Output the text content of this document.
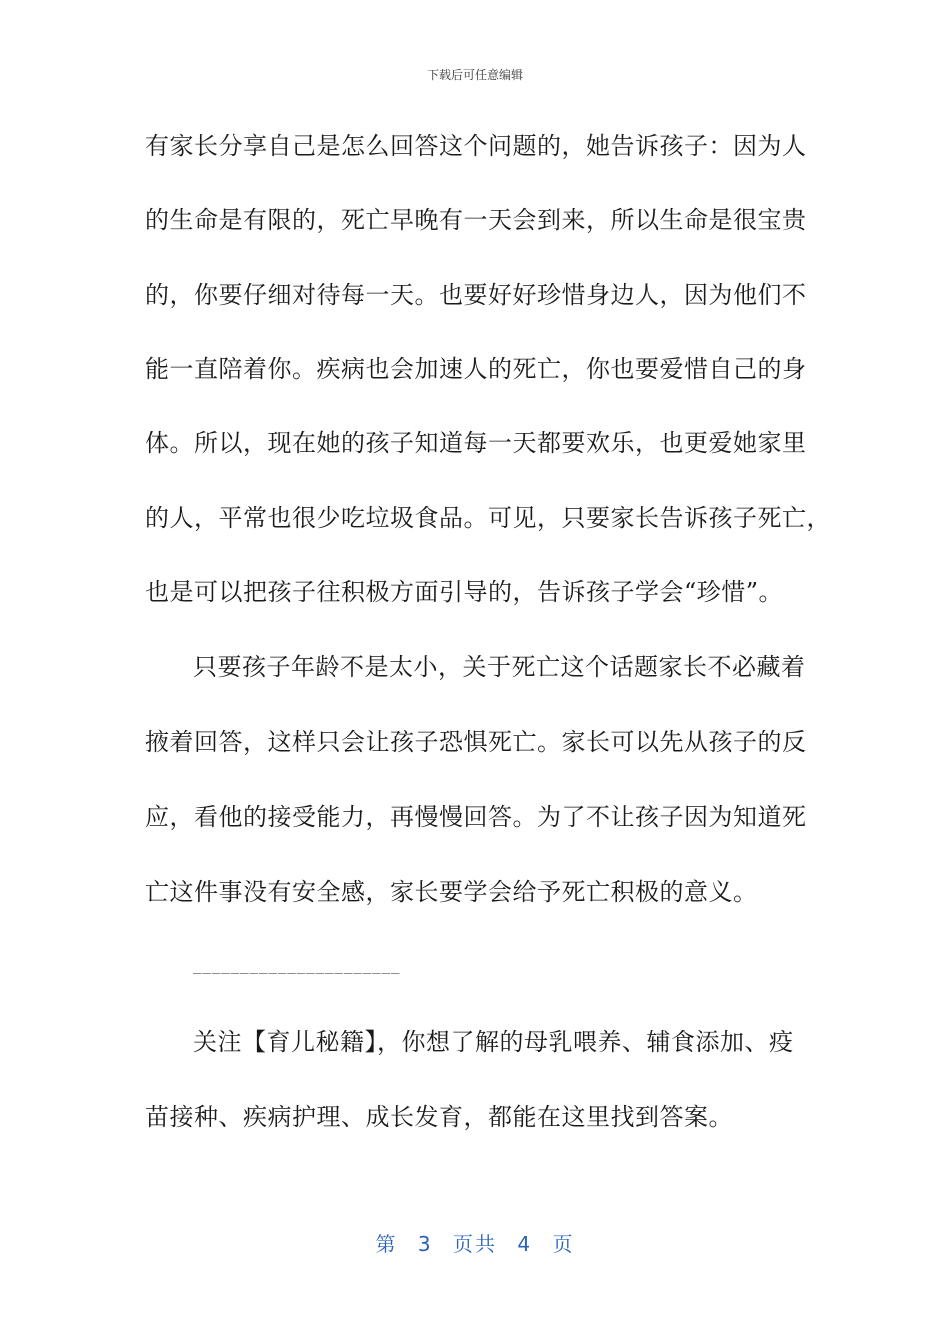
下载后可任意编辑
有家长分享自己是怎么回答这个问题的，她告诉孩子：因为人
的生命是有限的，死亡早晚有一天会到来，所以生命是很宝贵
的，你要仔细对待每一天。也要好好珍惜身边人，因为他们不
能一直陪着你。疾病也会加速人的死亡，你也要爱惜自己的身
体。所以，现在她的孩子知道每一天都要欢乐，也更爱她家里
的人，平常也很少吃垃圾食品。可见，只要家长告诉孩子死亡，
也是可以把孩子往积极方面引导的，告诉孩子学会“珍惜”。
只要孩子年龄不是太小，关于死亡这个话题家长不必藏着
掖着回答，这样只会让孩子恐惧死亡。家长可以先从孩子的反
应，看他的接受能力，再慢慢回答。为了不让孩子因为知道死
亡这件事没有安全感，家长要学会给予死亡积极的意义。
______________________
关注【育儿秘籍】，你想了解的母乳喂养、辅食添加、疫
苗接种、疾病护理、成长发育，都能在这里找到答案。
第 3 页共 4 页
